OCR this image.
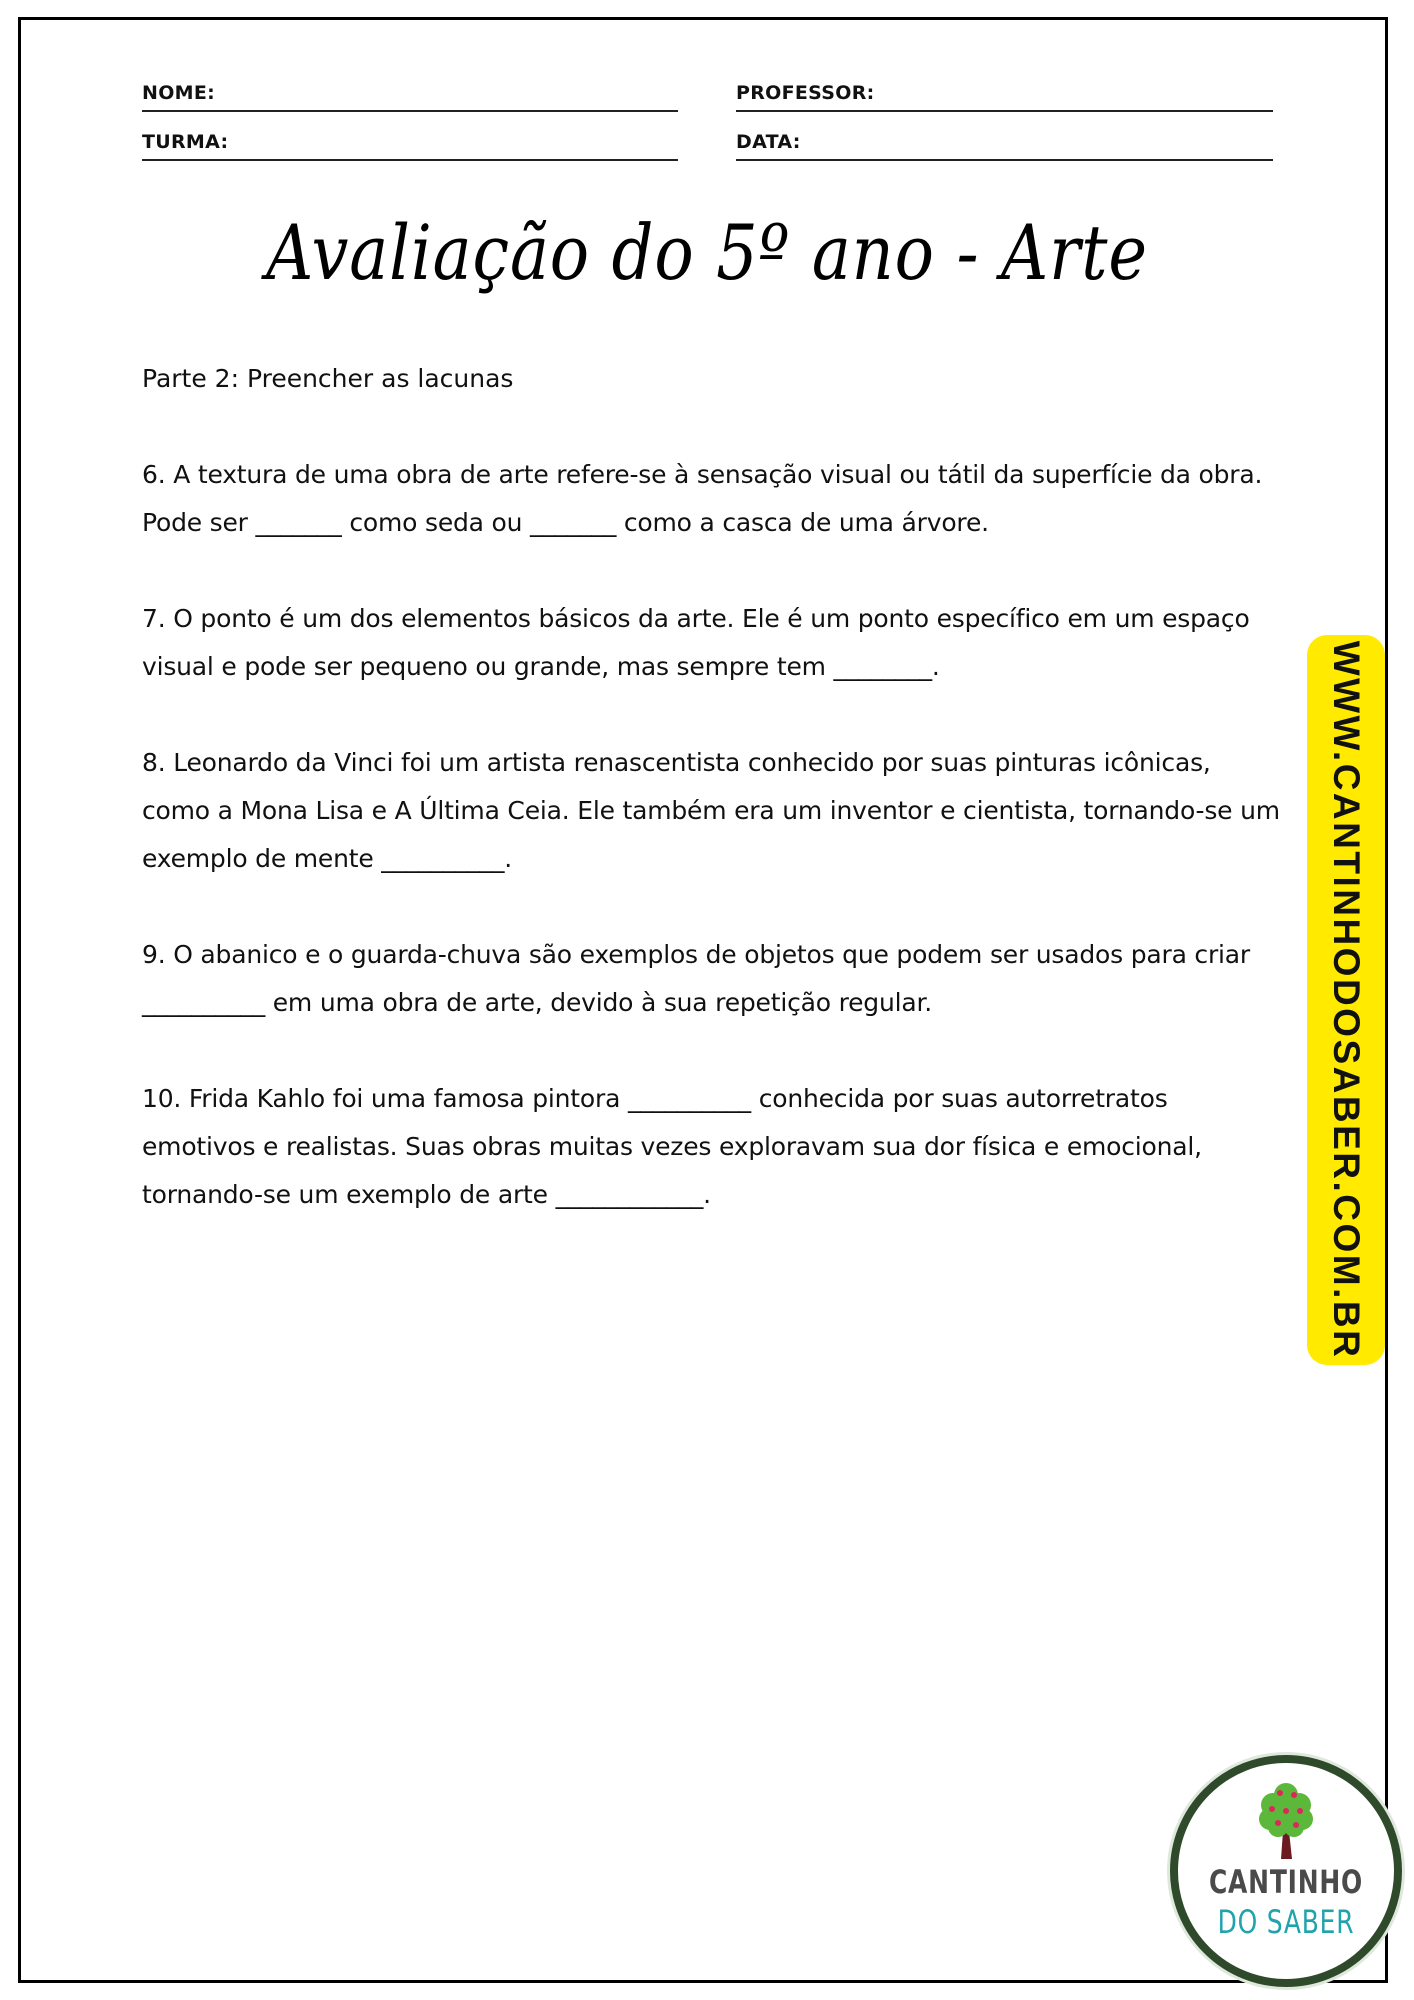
NOME:	PROFESSOR:
TURMA:	DATA:
Avaliação do 5º ano - Arte

Parte 2: Preencher as lacunas

6. A textura de uma obra de arte refere-se à sensação visual ou tátil da superfície da obra. Pode ser _______ como seda ou _______ como a casca de uma árvore.

7. O ponto é um dos elementos básicos da arte. Ele é um ponto específico em um espaço visual e pode ser pequeno ou grande, mas sempre tem ________.

8. Leonardo da Vinci foi um artista renascentista conhecido por suas pinturas icônicas, como a Mona Lisa e A Última Ceia. Ele também era um inventor e cientista, tornando-se um exemplo de mente __________.

9. O abanico e o guarda-chuva são exemplos de objetos que podem ser usados para criar __________ em uma obra de arte, devido à sua repetição regular.

10. Frida Kahlo foi uma famosa pintora __________ conhecida por suas autorretratos emotivos e realistas. Suas obras muitas vezes exploravam sua dor física e emocional, tornando-se um exemplo de arte ____________.	WWW.CANTINHODOSABER.COM.BR
CANTINHO
DO SABER
